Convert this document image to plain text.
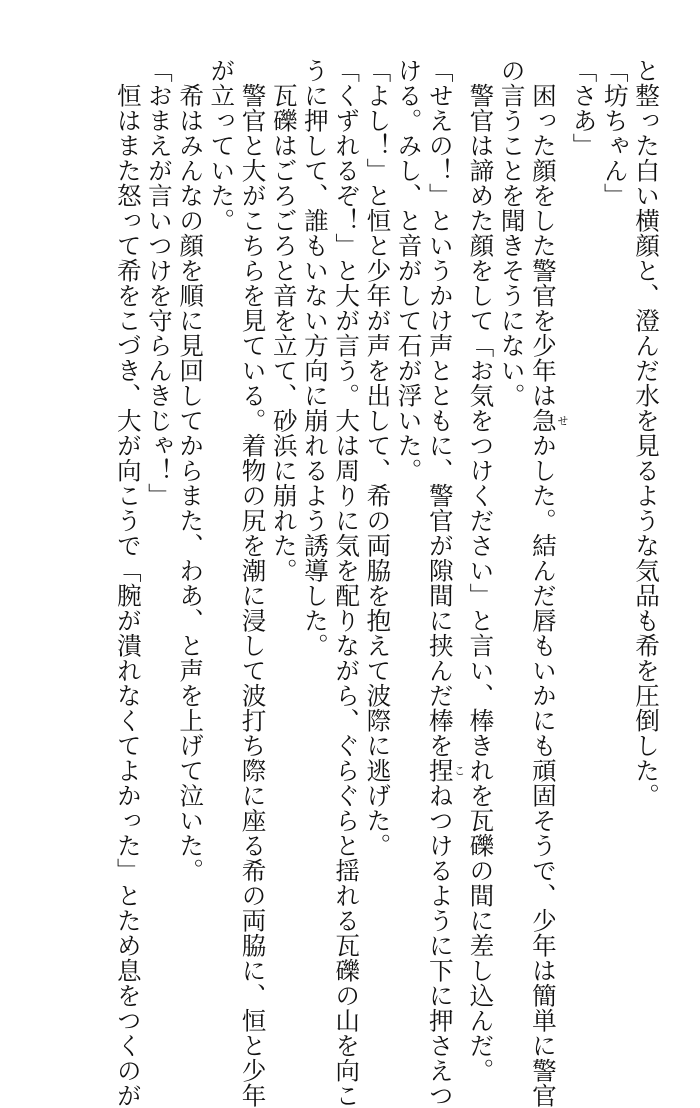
と整った白い横顔と、澄んだ水を見るような気品も希を圧倒した。
「坊ちゃん」
「さあ」
　困った顔をした警官を少年は急せかした。結んだ唇もいかにも頑固そうで、少年は簡単に警官
の言うことを聞きそうにない。
　警官は諦めた顔をして「お気をつけください」と言い、棒きれを瓦礫の間に差し込んだ。
「せえの！」というかけ声とともに、警官が隙間に挟んだ棒を捏こねつけるように下に押さえつ
ける。みし、と音がして石が浮いた。
「よし！」と恒と少年が声を出して、希の両脇を抱えて波際に逃げた。
「くずれるぞ！」と大が言う。大は周りに気を配りながら、ぐらぐらと揺れる瓦礫の山を向こ
うに押して、誰もいない方向に崩れるよう誘導した。
　瓦礫はごろごろと音を立て、砂浜に崩れた。
　警官と大がこちらを見ている。着物の尻を潮に浸して波打ち際に座る希の両脇に、恒と少年
が立っていた。
　希はみんなの顔を順に見回してからまた、わあ、と声を上げて泣いた。
「おまえが言いつけを守らんきじゃ！」
　恒はまた怒って希をこづき、大が向こうで「腕が潰れなくてよかった」とため息をつくのが
